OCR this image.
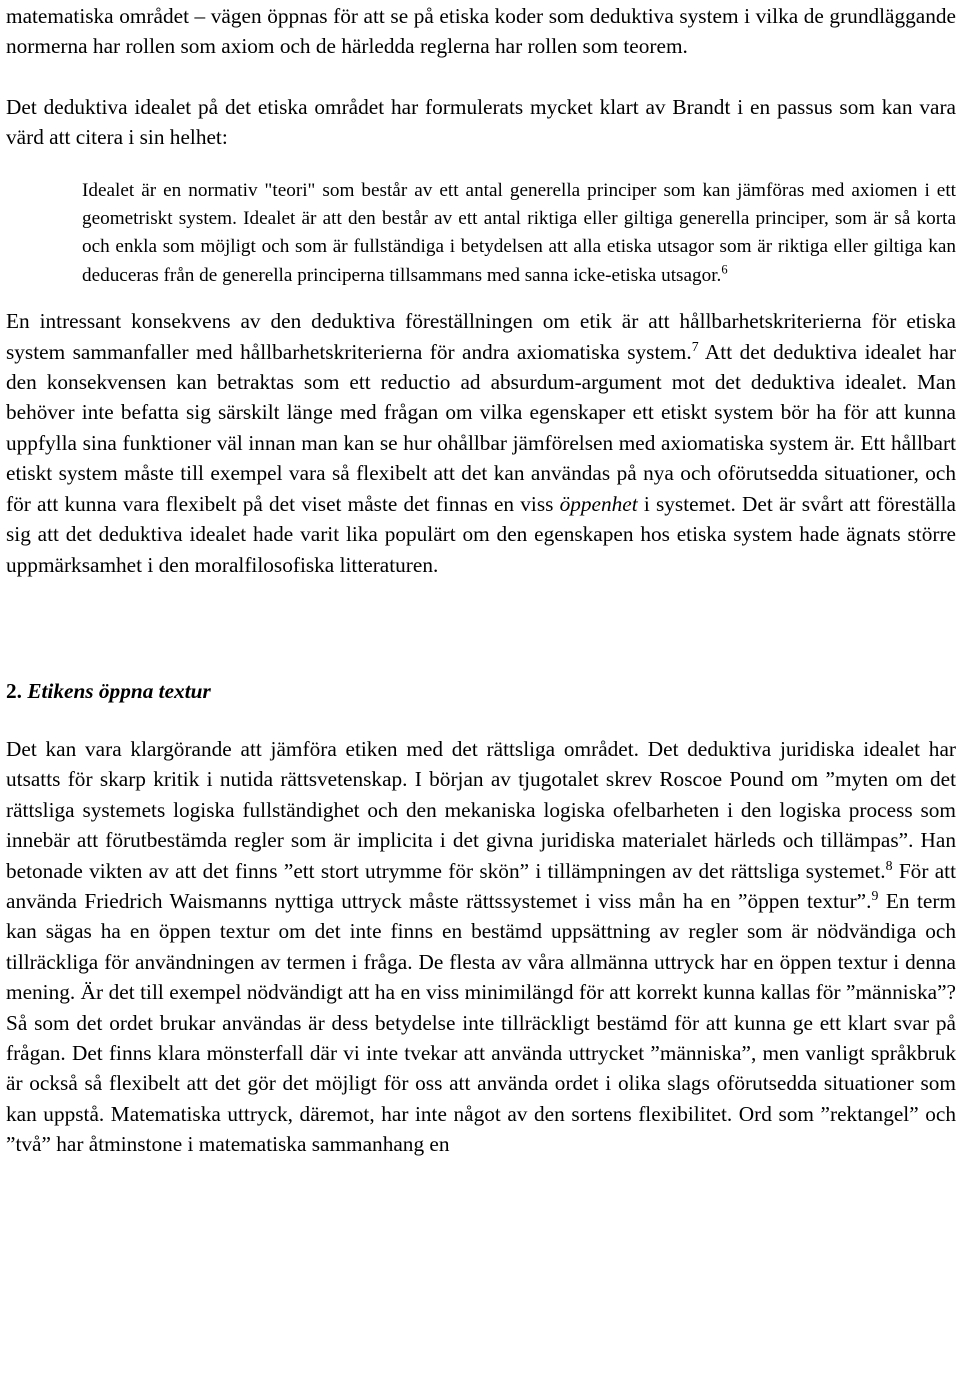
matematiska området – vägen öppnas för att se på etiska koder som deduktiva system i vilka de grundläggande normerna har rollen som axiom och de härledda reglerna har rollen som teorem.

Det deduktiva idealet på det etiska området har formulerats mycket klart av Brandt i en passus som kan vara värd att citera i sin helhet:

Idealet är en normativ "teori" som består av ett antal generella principer som kan jämföras med axiomen i ett geometriskt system. Idealet är att den består av ett antal riktiga eller giltiga generella principer, som är så korta och enkla som möjligt och som är fullständiga i betydelsen att alla etiska utsagor som är riktiga eller giltiga kan deduceras från de generella principerna tillsammans med sanna icke-etiska utsagor.$^6$

En intressant konsekvens av den deduktiva föreställningen om etik är att hållbarhetskriterierna för etiska system sammanfaller med hållbarhetskriterierna för andra axiomatiska system.$^7$ Att det deduktiva idealet har den konsekvensen kan betraktas som ett reductio ad absurdum-argument mot det deduktiva idealet. Man behöver inte befatta sig särskilt länge med frågan om vilka egenskaper ett etiskt system bör ha för att kunna uppfylla sina funktioner väl innan man kan se hur ohållbar jämförelsen med axiomatiska system är. Ett hållbart etiskt system måste till exempel vara så flexibelt att det kan användas på nya och oförutsedda situationer, och för att kunna vara flexibelt på det viset måste det finnas en viss öppenhet i systemet. Det är svårt att föreställa sig att det deduktiva idealet hade varit lika populärt om den egenskapen hos etiska system hade ägnats större uppmärksamhet i den moralfilosofiska litteraturen.

2. Etikens öppna textur

Det kan vara klargörande att jämföra etiken med det rättsliga området. Det deduktiva juridiska idealet har utsatts för skarp kritik i nutida rättsvetenskap. I början av tjugotalet skrev Roscoe Pound om ”myten om det rättsliga systemets logiska fullständighet och den mekaniska logiska ofelbarheten i den logiska process som innebär att förutbestämda regler som är implicita i det givna juridiska materialet härleds och tillämpas”. Han betonade vikten av att det finns ”ett stort utrymme för skön” i tillämpningen av det rättsliga systemet.$^8$ För att använda Friedrich Waismanns nyttiga uttryck måste rättssystemet i viss mån ha en ”öppen textur”.$^9$ En term kan sägas ha en öppen textur om det inte finns en bestämd uppsättning av regler som är nödvändiga och tillräckliga för användningen av termen i fråga. De flesta av våra allmänna uttryck har en öppen textur i denna mening. Är det till exempel nödvändigt att ha en viss minimilängd för att korrekt kunna kallas för ”människa”? Så som det ordet brukar användas är dess betydelse inte tillräckligt bestämd för att kunna ge ett klart svar på frågan. Det finns klara mönsterfall där vi inte tvekar att använda uttrycket ”människa”, men vanligt språkbruk är också så flexibelt att det gör det möjligt för oss att använda ordet i olika slags oförutsedda situationer som kan uppstå. Matematiska uttryck, däremot, har inte något av den sortens flexibilitet. Ord som ”rektangel” och ”två” har åtminstone i matematiska sammanhang en
